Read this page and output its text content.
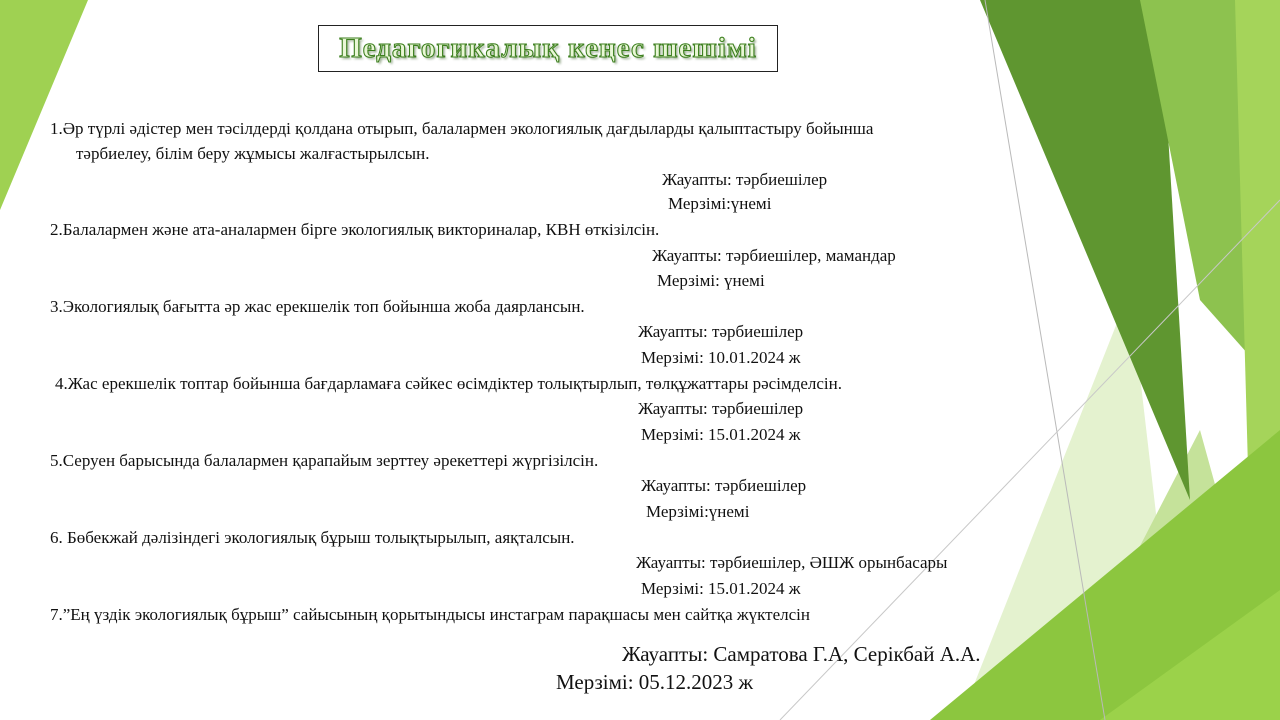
Педагогикалық кеңес шешімі
1.Әр түрлі әдістер мен тәсілдерді қолдана отырып, балалармен экологиялық дағдыларды қалыптастыру бойынша
тәрбиелеу, білім беру жұмысы жалғастырылсын.
Жауапты: тәрбиешілер
Мерзімі:үнемі
2.Балалармен және ата-аналармен бірге экологиялық викториналар, КВН өткізілсін.
Жауапты: тәрбиешілер, мамандар
Мерзімі: үнемі
3.Экологиялық бағытта әр жас ерекшелік топ бойынша жоба даярлансын.
Жауапты: тәрбиешілер
Мерзімі: 10.01.2024 ж
4.Жас ерекшелік топтар бойынша бағдарламаға сәйкес өсімдіктер толықтырлып, төлқұжаттары рәсімделсін.
Жауапты: тәрбиешілер
Мерзімі: 15.01.2024 ж
5.Серуен барысында балалармен қарапайым зерттеу әрекеттері жүргізілсін.
Жауапты: тәрбиешілер
Мерзімі:үнемі
6. Бөбекжай дәлізіндегі экологиялық бұрыш толықтырылып, аяқталсын.
Жауапты: тәрбиешілер, ӘШЖ орынбасары
Мерзімі: 15.01.2024 ж
7.”Ең үздік экологиялық бұрыш” сайысының қорытындысы инстаграм парақшасы мен сайтқа жүктелсін
Жауапты: Самратова Г.А, Серікбай А.А.
Мерзімі: 05.12.2023 ж
